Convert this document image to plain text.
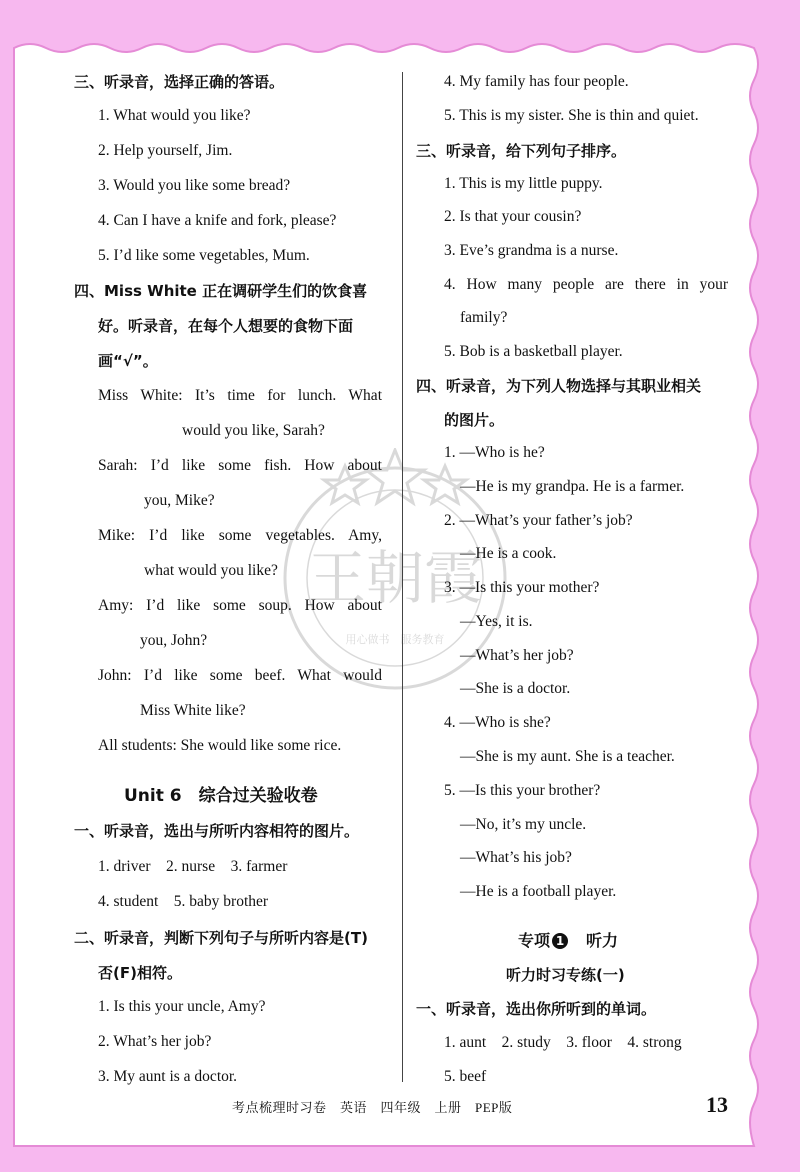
三、听录音，选择正确的答语。
1. What would you like?
2. Help yourself, Jim.
3. Would you like some bread?
4. Can I have a knife and fork, please?
5. I’d like some vegetables, Mum.
四、Miss White 正在调研学生们的饮食喜
好。听录音，在每个人想要的食物下面
画“√”。
Miss White: It’s time for lunch. What
would you like, Sarah?
Sarah: I’d like some fish. How about
you, Mike?
Mike: I’d like some vegetables. Amy,
what would you like?
Amy: I’d like some soup. How about
you, John?
John: I’d like some beef. What would
Miss White like?
All students: She would like some rice.
Unit 6　综合过关验收卷
一、听录音，选出与所听内容相符的图片。
1. driver　2. nurse　3. farmer
4. student　5. baby brother
二、听录音，判断下列句子与所听内容是(T)
否(F)相符。
1. Is this your uncle, Amy?
2. What’s her job?
3. My aunt is a doctor.
4. My family has four people.
5. This is my sister. She is thin and quiet.
三、听录音，给下列句子排序。
1. This is my little puppy.
2. Is that your cousin?
3. Eve’s grandma is a nurse.
4. How many people are there in your
family?
5. Bob is a basketball player.
四、听录音，为下列人物选择与其职业相关
的图片。
1. —Who is he?
—He is my grandpa. He is a farmer.
2. —What’s your father’s job?
—He is a cook.
3. —Is this your mother?
—Yes, it is.
—What’s her job?
—She is a doctor.
4. —Who is she?
—She is my aunt. She is a teacher.
5. —Is this your brother?
—No, it’s my uncle.
—What’s his job?
—He is a football player.
专项 1　听力
听力时习专练(一)
一、听录音，选出你所听到的单词。
1. aunt　2. study　3. floor　4. strong
5. beef
考点梳理时习卷　英语　四年级　上册　PEP版	13
